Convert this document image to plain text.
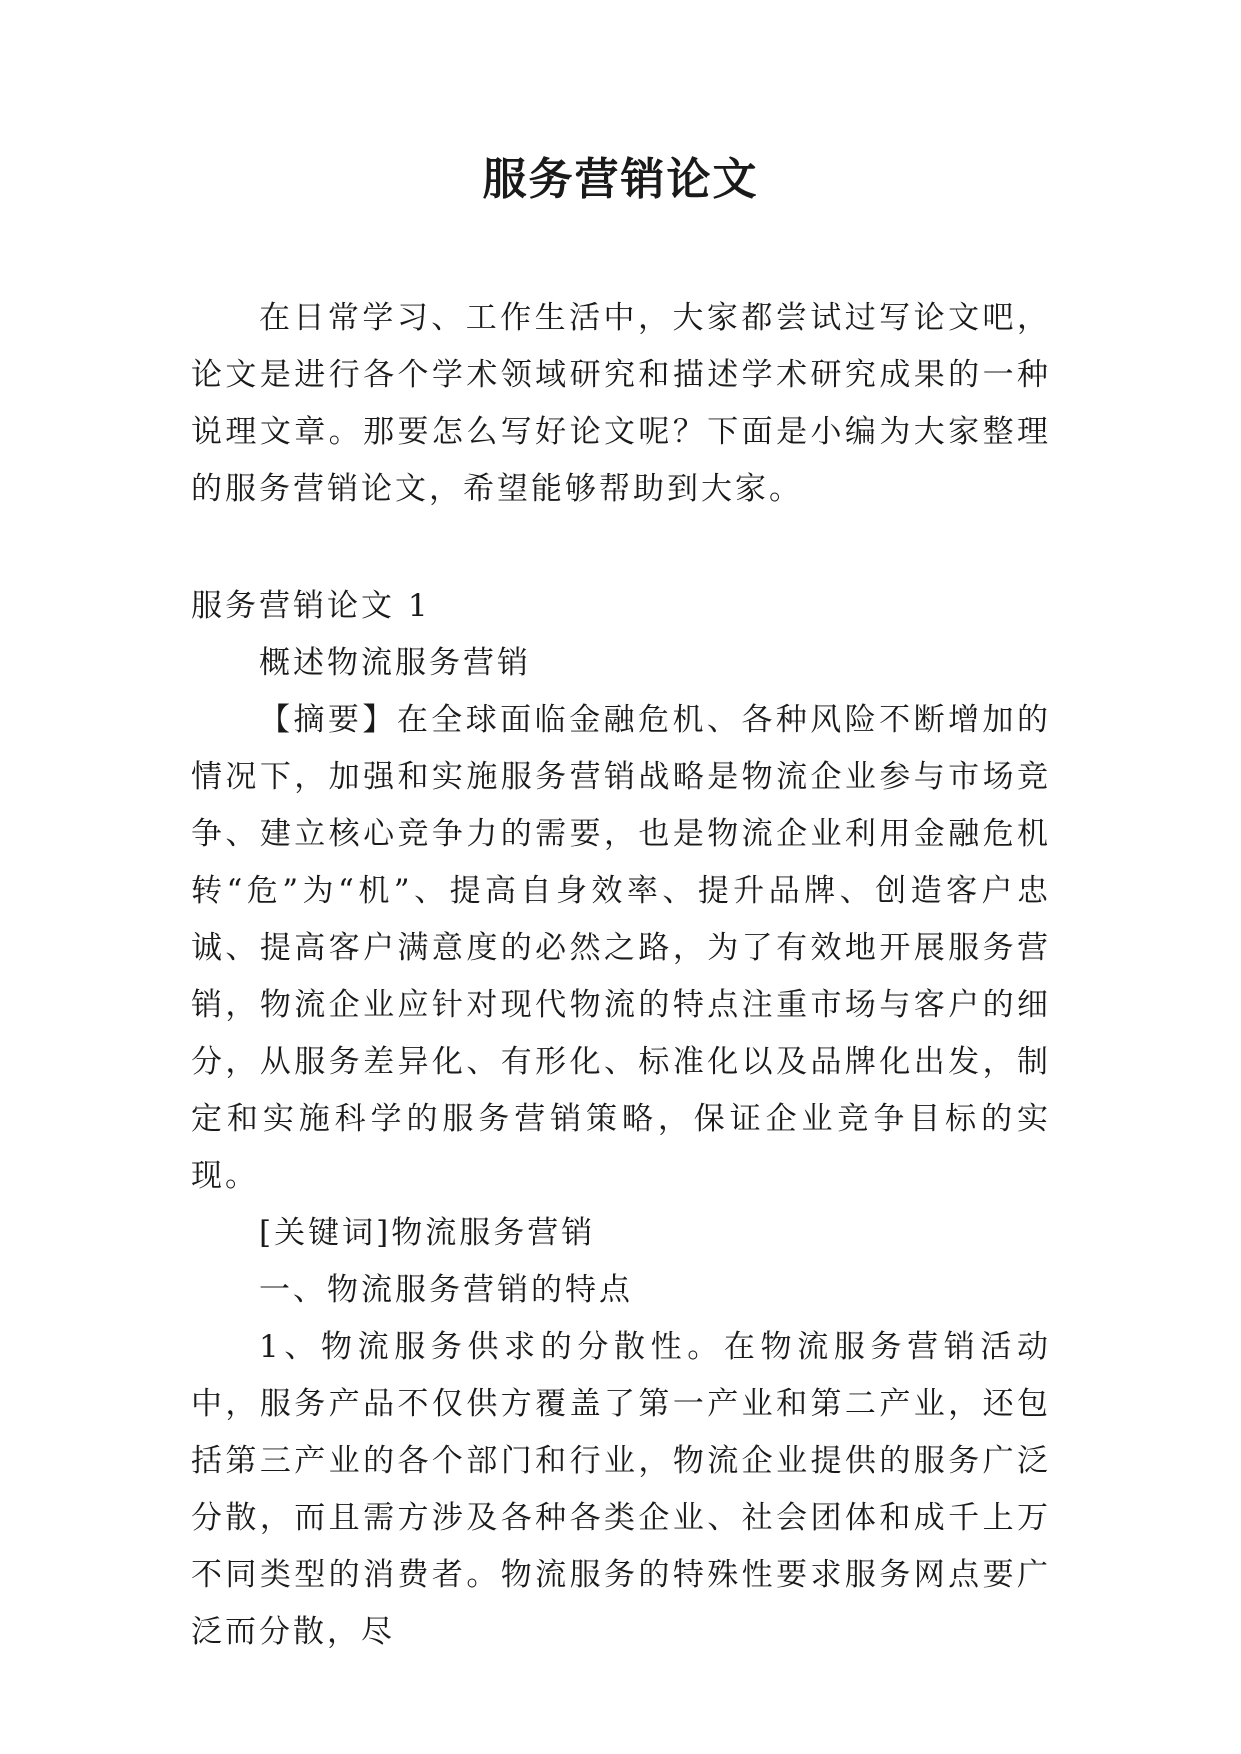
服务营销论文

在日常学习、工作生活中，大家都尝试过写论文吧，论文是进行各个学术领域研究和描述学术研究成果的一种说理文章。那要怎么写好论文呢？下面是小编为大家整理的服务营销论文，希望能够帮助到大家。

服务营销论文 1

概述物流服务营销

【摘要】在全球面临金融危机、各种风险不断增加的情况下，加强和实施服务营销战略是物流企业参与市场竞争、建立核心竞争力的需要，也是物流企业利用金融危机转“危”为“机”、提高自身效率、提升品牌、创造客户忠诚、提高客户满意度的必然之路，为了有效地开展服务营销，物流企业应针对现代物流的特点注重市场与客户的细分，从服务差异化、有形化、标准化以及品牌化出发，制定和实施科学的服务营销策略，保证企业竞争目标的实现。

[关键词]物流服务营销

一、物流服务营销的特点

1、物流服务供求的分散性。在物流服务营销活动中，服务产品不仅供方覆盖了第一产业和第二产业，还包括第三产业的各个部门和行业，物流企业提供的服务广泛分散，而且需方涉及各种各类企业、社会团体和成千上万不同类型的消费者。物流服务的特殊性要求服务网点要广泛而分散，尽
